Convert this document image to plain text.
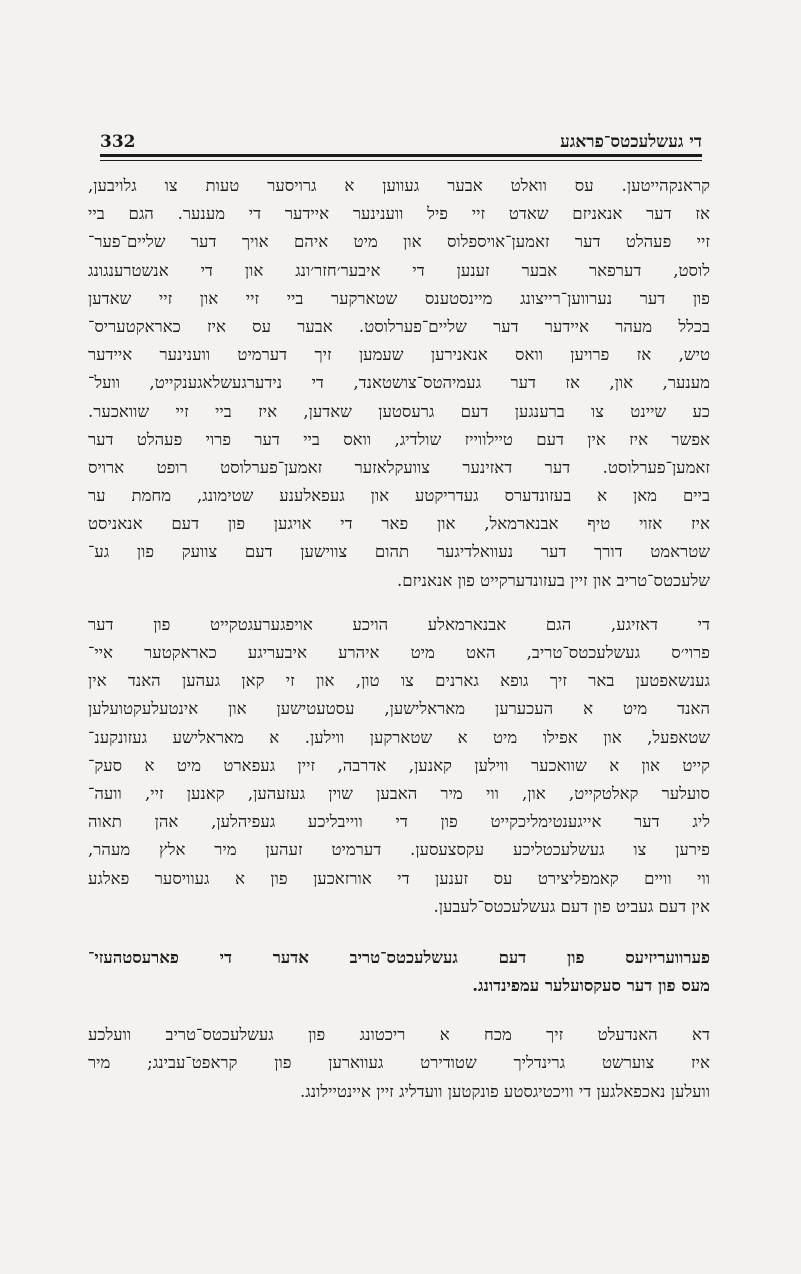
332	די געשלעכטס־פראגע
קראנקהייטען. עס וואלט אבער געווען א גרויסער טעות צו גלויבען,
אז דער אנאניזם שאדט זיי פיל ווענינער איידער די מענער. הגם ביי
זיי פעהלט דער זאמען־אויספלוס און מיט איהם אויך דער שליים־פער־
לוסט, דערפאר אבער זענען די איבער׳חזר׳ונג און די אנשטרענגונג
פון דער נערווען־רייצונג מיינסטענס שטארקער ביי זיי און זיי שאדען
בכלל מעהר איידער דער שליים־פערלוסט. אבער עס איז כאראקטעריס־
טיש, אז פרויען וואס אנאנירען שעמען זיך דערמיט ווענינער איידער
מענער, און, אז דער געמיהטס־צושטאנד, די נידערגעשלאגענקייט, וועל־
כע שיינט צו ברענגען דעם גרעסטען שאדען, איז ביי זיי שוואכער.
אפשר איז אין דעם טיילווייז שולדיג, וואס ביי דער פרוי פעהלט דער
זאמען־פערלוסט. דער דאזינער צוועקלאזער זאמען־פערלוסט רופט ארויס
ביים מאן א בעזונדערס געדריקטע און געפאלענע שטימונג, מחמת ער
איז אזוי טיף אבנארמאל, און פאר די אויגען פון דעם אנאניסט
שטראמט דורך דער נעוואלדיגער תהום צווישען דעם צוועק פון גע־
שלעכטס־טריב און זיין בעזונדערקייט פון אנאניזם.
די דאזיגע, הגם אבנארמאלע הויכע אויפגערעגטקייט פון דער
פרוי׳ס געשלעכטס־טריב, האט מיט איהרע איבעריגע כאראקטער איי־
גענשאפטען באר זיך גופא גארנים צו טון, און זי קאן געהען האנד אין
האנד מיט א העכערען מאראלישען, עסטעטישען און אינטעלעקטועלען
שטאפעל, און אפילו מיט א שטארקען ווילען. א מאראלישע געזונקענ־
קייט און א שוואכער ווילען קאנען, אדרבה, זיין געפארט מיט א סעק־
סועלער קאלטקייט, און, ווי מיר האבען שוין געזעהען, קאנען זיי, וועה־
ליג דער אייגענטימליכקייט פון די ווייבליכע געפיהלען, אהן תאוה
פירען צו געשלעכטליכע עקסצעסען. דערמיט זעהען מיר אלץ מעהר,
ווי וויים קאמפליצירט עס זענען די אורזאכען פון א געוויסער פאלגע
אין דעם געביט פון דעם געשלעכטס־לעבען.
פערוועריזיעס פון דעם געשלעכטס־טריב אדער די פארעסטהעזי־
מעס פון דער סעקסועלער עמפינדונג.
דא האנדעלט זיך מכח א ריכטונג פון געשלעכטס־טריב וועלכע
איז צוערשט גרינדליך שטודירט געווארען פון קראפט־עבינג; מיר
וועלען נאכפאלגען די וויכטיגסטע פונקטען וועדליג זיין איינטיילונג.
